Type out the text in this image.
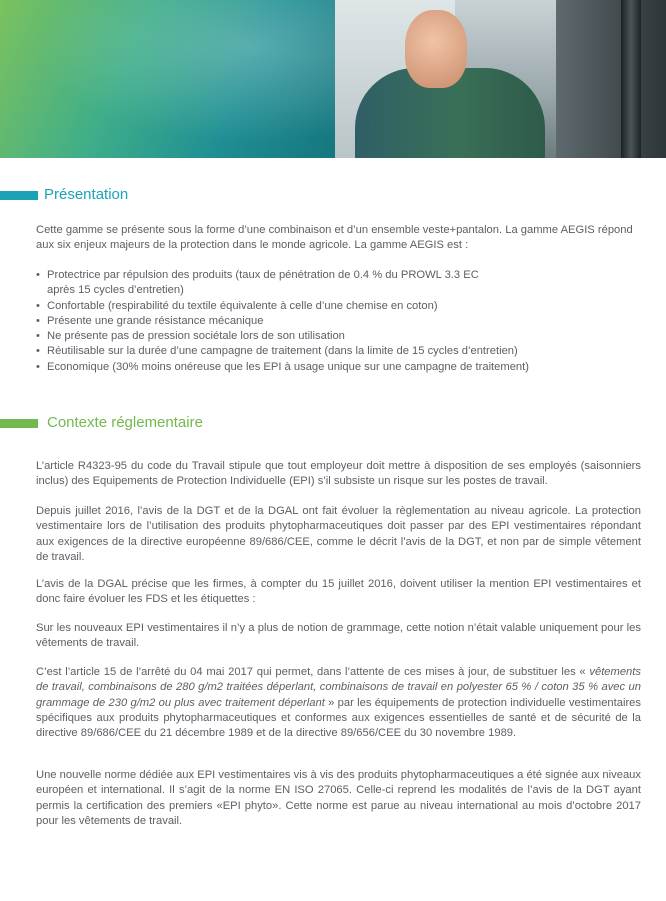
Présentation

Cette gamme se présente sous la forme d’une combinaison et d’un ensemble veste+pantalon. La gamme AEGIS répond aux six enjeux majeurs de la protection dans le monde agricole. La gamme AEGIS est :

• Protectrice par répulsion des produits (taux de pénétration de 0.4 % du PROWL 3.3 EC
après 15 cycles d’entretien)
• Confortable (respirabilité du textile équivalente à celle d’une chemise en coton)
• Présente une grande résistance mécanique
• Ne présente pas de pression sociétale lors de son utilisation
• Réutilisable sur la durée d’une campagne de traitement (dans la limite de 15 cycles d’entretien)
• Economique (30% moins onéreuse que les EPI à usage unique sur une campagne de traitement)
Contexte réglementaire

L’article R4323-95 du code du Travail stipule que tout employeur doit mettre à disposition de ses employés (saisonniers inclus) des Equipements de Protection Individuelle (EPI) s’il subsiste un risque sur les postes de travail.

Depuis juillet 2016, l’avis de la DGT et de la DGAL ont fait évoluer la règlementation au niveau agricole. La protection vestimentaire lors de l’utilisation des produits phytopharmaceutiques doit passer par des EPI vestimentaires répondant aux exigences de la directive européenne 89/686/CEE, comme le décrit l’avis de la DGT, et non par de simple vêtement de travail.

L’avis de la DGAL précise que les firmes, à compter du 15 juillet 2016, doivent utiliser la mention EPI vestimentaires et donc faire évoluer les FDS et les étiquettes :

Sur les nouveaux EPI vestimentaires il n’y a plus de notion de grammage, cette notion n’était valable uniquement pour les vêtements de travail.

C’est l’article 15 de l’arrêté du 04 mai 2017 qui permet, dans l’attente de ces mises à jour, de substituer les « vêtements de travail, combinaisons de 280 g/m2 traitées déperlant, combinaisons de travail en polyester 65 % / coton 35 % avec un grammage de 230 g/m2 ou plus avec traitement déperlant » par les équipements de protection individuelle vestimentaires spécifiques aux produits phytopharmaceutiques et conformes aux exigences essentielles de santé et de sécurité de la directive 89/686/CEE du 21 décembre 1989 et de la directive 89/656/CEE du 30 novembre 1989.

Une nouvelle norme dédiée aux EPI vestimentaires vis à vis des produits phytopharmaceutiques a été signée aux niveaux européen et international. Il s’agit de la norme EN ISO 27065. Celle-ci reprend les modalités de l’avis de la DGT ayant permis la certification des premiers «EPI phyto». Cette norme est parue au niveau international au mois d’octobre 2017 pour les vêtements de travail.
